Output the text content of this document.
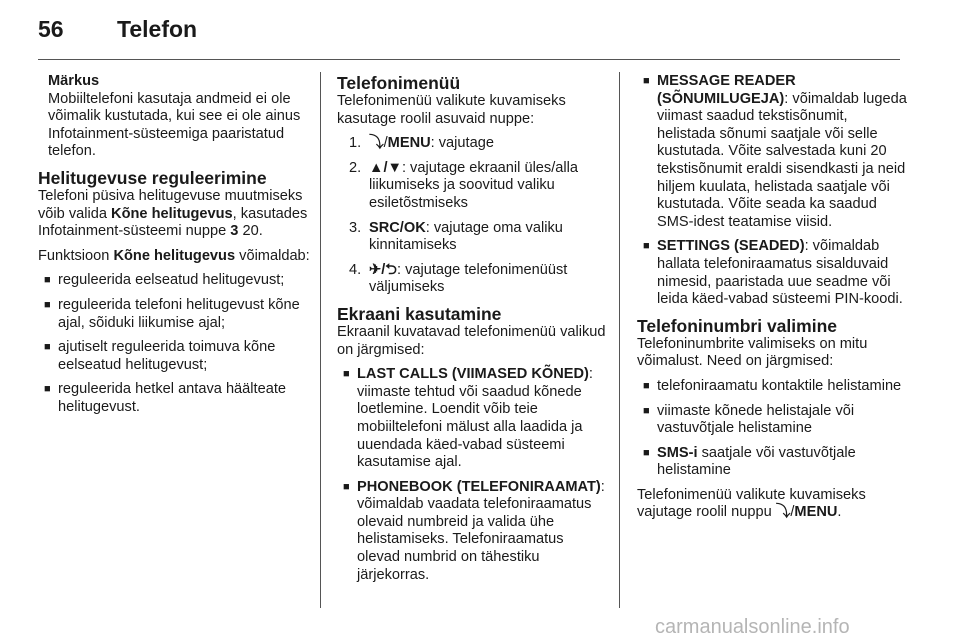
56 Telefon

Märkus

Mobiiltelefoni kasutaja andmeid ei ole võimalik kustutada, kui see ei ole ainus Infotainment-süsteemiga paaristatud telefon.

Helitugevuse reguleerimine

Telefoni püsiva helitugevuse muutmiseks võib valida Kõne helitugevus, kasutades Infotainment-süsteemi nuppe 3 20.

Funktsioon Kõne helitugevus võimaldab:

■ reguleerida eelseatud helitugevust;

■ reguleerida telefoni helitugevust kõne ajal, sõiduki liikumise ajal;

■ ajutiselt reguleerida toimuva kõne eelseatud helitugevust;

■ reguleerida hetkel antava häälteate helitugevust.

Telefonimenüü

Telefonimenüü valikute kuvamiseks kasutage roolil asuvaid nuppe:

1. ⤵/MENU: vajutage

2. ▲/▼: vajutage ekraanil üles/alla liikumiseks ja soovitud valiku esiletõstmiseks

3. SRC/OK: vajutage oma valiku kinnitamiseks

4. ✈/⮌: vajutage telefonimenüüst väljumiseks

Ekraani kasutamine

Ekraanil kuvatavad telefonimenüü valikud on järgmised:

■ LAST CALLS (VIIMASED KÕNED): viimaste tehtud või saadud kõnede loetlemine. Loendit võib teie mobiiltelefoni mälust alla laadida ja uuendada käed-vabad süsteemi kasutamise ajal.

■ PHONEBOOK (TELEFONIRAAMAT): võimaldab vaadata telefoniraamatus olevaid numbreid ja valida ühe helistamiseks. Telefoniraamatus olevad numbrid on tähestiku järjekorras.

■ MESSAGE READER (SÕNUMILUGEJA): võimaldab lugeda viimast saadud tekstisõnumit, helistada sõnumi saatjale või selle kustutada. Võite salvestada kuni 20 tekstisõnumit eraldi sisendkasti ja neid hiljem kuulata, helistada saatjale või kustutada. Võite seada ka saadud SMS-idest teatamise viisid.

■ SETTINGS (SEADED): võimaldab hallata telefoniraamatus sisalduvaid nimesid, paaristada uue seadme või leida käed-vabad süsteemi PIN-koodi.

Telefoninumbri valimine

Telefoninumbrite valimiseks on mitu võimalust. Need on järgmised:

■ telefoniraamatu kontaktile helistamine

■ viimaste kõnede helistajale või vastuvõtjale helistamine

■ SMS-i saatjale või vastuvõtjale helistamine

Telefonimenüü valikute kuvamiseks vajutage roolil nuppu ⤵/MENU.

carmanualsonline.info
